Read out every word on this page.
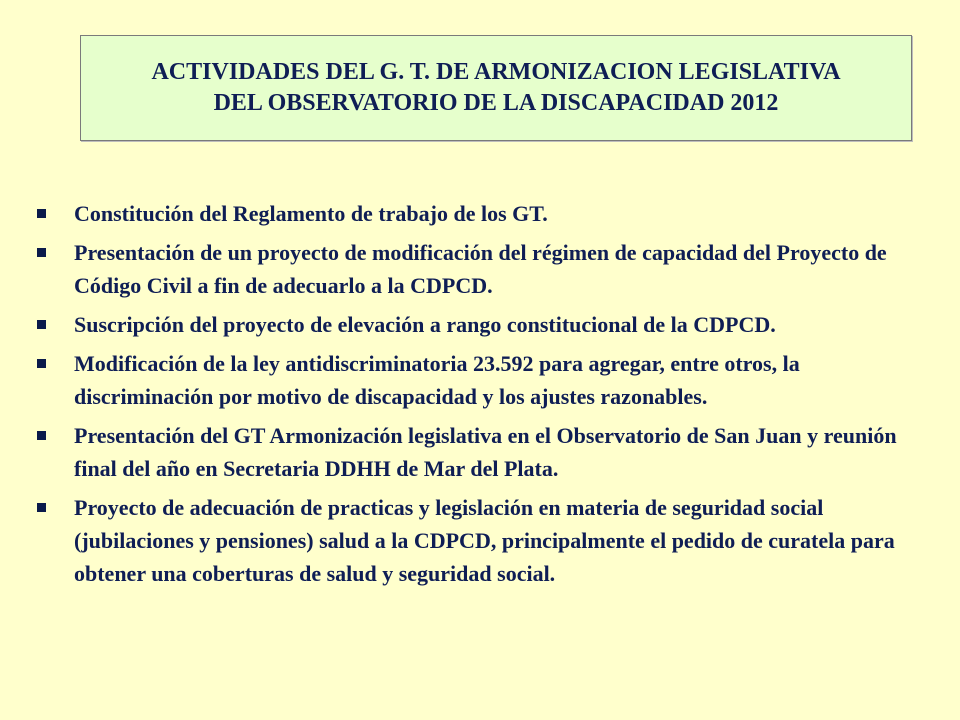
ACTIVIDADES DEL G. T. DE ARMONIZACION LEGISLATIVA
DEL OBSERVATORIO DE LA DISCAPACIDAD 2012
Constitución del Reglamento de trabajo de los GT.
Presentación de un proyecto de modificación del régimen de capacidad del Proyecto de Código Civil a fin de adecuarlo a la CDPCD.
Suscripción del proyecto de elevación a rango constitucional de la CDPCD.
Modificación de la ley antidiscriminatoria 23.592 para agregar, entre otros, la discriminación por motivo de discapacidad y los ajustes razonables.
Presentación del GT Armonización legislativa en el Observatorio de San Juan y reunión final del año en Secretaria DDHH de Mar del Plata.
Proyecto de adecuación de practicas y legislación en materia de seguridad social (jubilaciones y pensiones) salud a la CDPCD, principalmente el pedido de curatela para obtener una coberturas de salud y seguridad social.
